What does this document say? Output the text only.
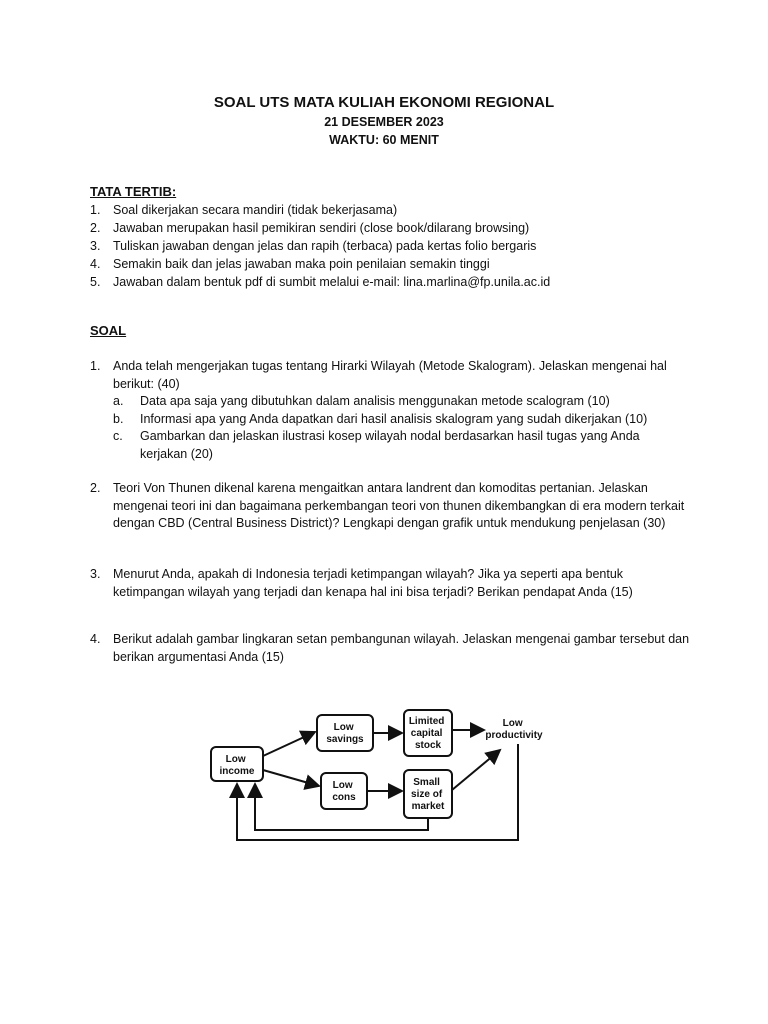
SOAL UTS MATA KULIAH EKONOMI REGIONAL
21 DESEMBER 2023
WAKTU: 60 MENIT
TATA TERTIB:
1.	Soal dikerjakan secara mandiri (tidak bekerjasama)
2.	Jawaban merupakan hasil pemikiran sendiri (close book/dilarang browsing)
3.	Tuliskan jawaban dengan jelas dan rapih (terbaca) pada kertas folio bergaris
4.	Semakin baik dan jelas jawaban maka poin penilaian semakin tinggi
5.	Jawaban dalam bentuk pdf di sumbit melalui e-mail: lina.marlina@fp.unila.ac.id
SOAL
1.	Anda telah mengerjakan tugas tentang Hirarki Wilayah (Metode Skalogram). Jelaskan mengenai hal berikut: (40)
a.	Data apa saja yang dibutuhkan dalam analisis menggunakan metode scalogram (10)
b.	Informasi apa yang Anda dapatkan dari hasil analisis skalogram yang sudah dikerjakan (10)
c.	Gambarkan dan jelaskan ilustrasi kosep wilayah nodal berdasarkan hasil tugas yang Anda kerjakan (20)
2.	Teori Von Thunen dikenal karena mengaitkan antara landrent dan komoditas pertanian. Jelaskan mengenai teori ini dan bagaimana perkembangan teori von thunen dikembangkan di era modern terkait dengan CBD (Central Business District)? Lengkapi dengan grafik untuk mendukung penjelasan (30)
3.	Menurut Anda, apakah di Indonesia terjadi ketimpangan wilayah? Jika ya seperti apa bentuk ketimpangan wilayah yang terjadi dan kenapa hal ini bisa terjadi? Berikan pendapat Anda (15)
4.	Berikut adalah gambar lingkaran setan pembangunan wilayah. Jelaskan mengenai gambar tersebut dan berikan argumentasi Anda (15)
Low income
Low savings
Limited capital stock
Low productivity
Low cons
Small size of market
